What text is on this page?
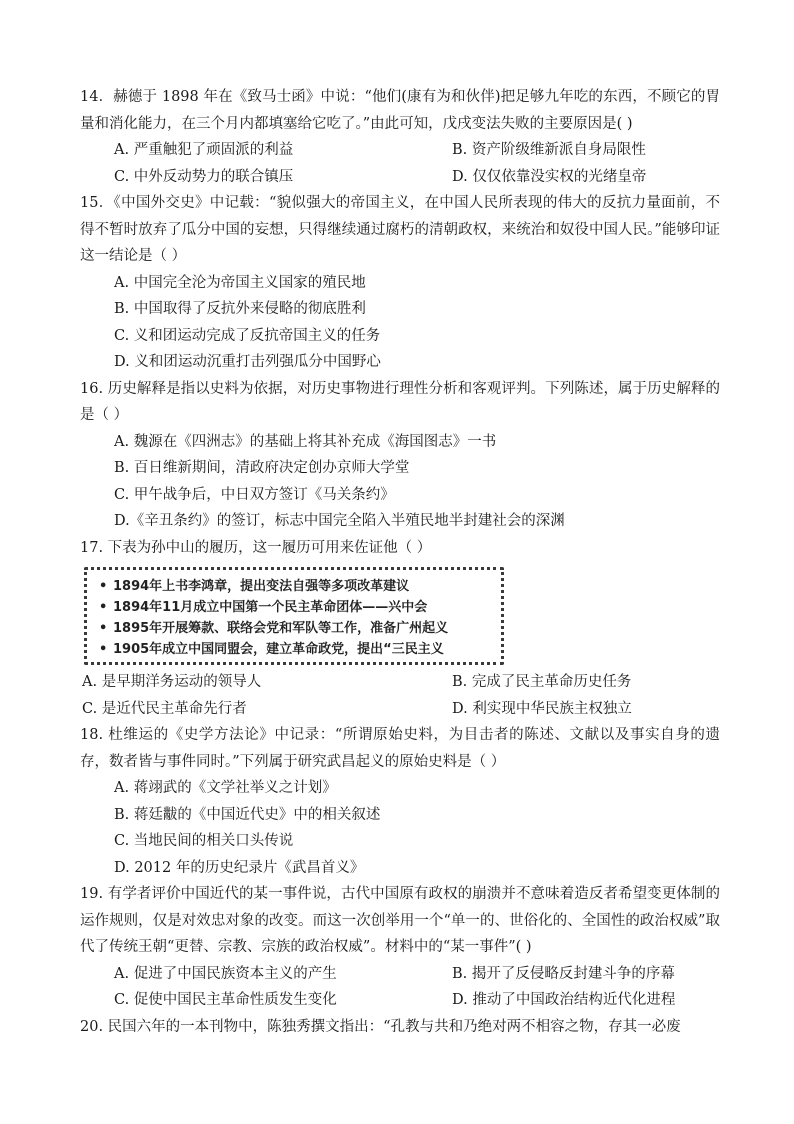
14．赫德于 1898 年在《致马士函》中说：“他们(康有为和伙伴)把足够九年吃的东西，不顾它的胃量和消化能力，在三个月内都填塞给它吃了。”由此可知，戊戌变法失败的主要原因是( )

A. 严重触犯了顽固派的利益	B. 资产阶级维新派自身局限性
C. 中外反动势力的联合镇压	D. 仅仅依靠没实权的光绪皇帝

15．《中国外交史》中记载：“貌似强大的帝国主义，在中国人民所表现的伟大的反抗力量面前，不得不暂时放弃了瓜分中国的妄想，只得继续通过腐朽的清朝政权，来统治和奴役中国人民。”能够印证这一结论是（ ）

A. 中国完全沦为帝国主义国家的殖民地
B. 中国取得了反抗外来侵略的彻底胜利
C. 义和团运动完成了反抗帝国主义的任务
D. 义和团运动沉重打击列强瓜分中国野心

16. 历史解释是指以史料为依据，对历史事物进行理性分析和客观评判。下列陈述，属于历史解释的是（ ）

A. 魏源在《四洲志》的基础上将其补充成《海国图志》一书
B. 百日维新期间，清政府决定创办京师大学堂
C. 甲午战争后，中日双方签订《马关条约》
D.《辛丑条约》的签订，标志中国完全陷入半殖民地半封建社会的深渊

17. 下表为孙中山的履历，这一履历可用来佐证他（ ）

• 1894年上书李鸿章，提出变法自强等多项改革建议
• 1894年11月成立中国第一个民主革命团体——兴中会
• 1895年开展筹款、联络会党和军队等工作，准备广州起义
• 1905年成立中国同盟会，建立革命政党，提出“三民主义
A. 是早期洋务运动的领导人	B. 完成了民主革命历史任务
C. 是近代民主革命先行者	D. 利实现中华民族主权独立

18. 杜维运的《史学方法论》中记录：“所谓原始史料，为目击者的陈述、文献以及事实自身的遗存，数者皆与事件同时。”下列属于研究武昌起义的原始史料是（ ）

A. 蒋翊武的《文学社举义之计划》
B. 蒋廷黻的《中国近代史》中的相关叙述
C. 当地民间的相关口头传说
D. 2012 年的历史纪录片《武昌首义》

19. 有学者评价中国近代的某一事件说，古代中国原有政权的崩溃并不意味着造反者希望变更体制的运作规则，仅是对效忠对象的改变。而这一次创举用一个“单一的、世俗化的、全国性的政治权威”取代了传统王朝“更替、宗教、宗族的政治权威”。材料中的“某一事件”( )

A. 促进了中国民族资本主义的产生	B. 揭开了反侵略反封建斗争的序幕
C. 促使中国民主革命性质发生变化	D. 推动了中国政治结构近代化进程

20. 民国六年的一本刊物中，陈独秀撰文指出：“孔教与共和乃绝对两不相容之物，存其一必废
